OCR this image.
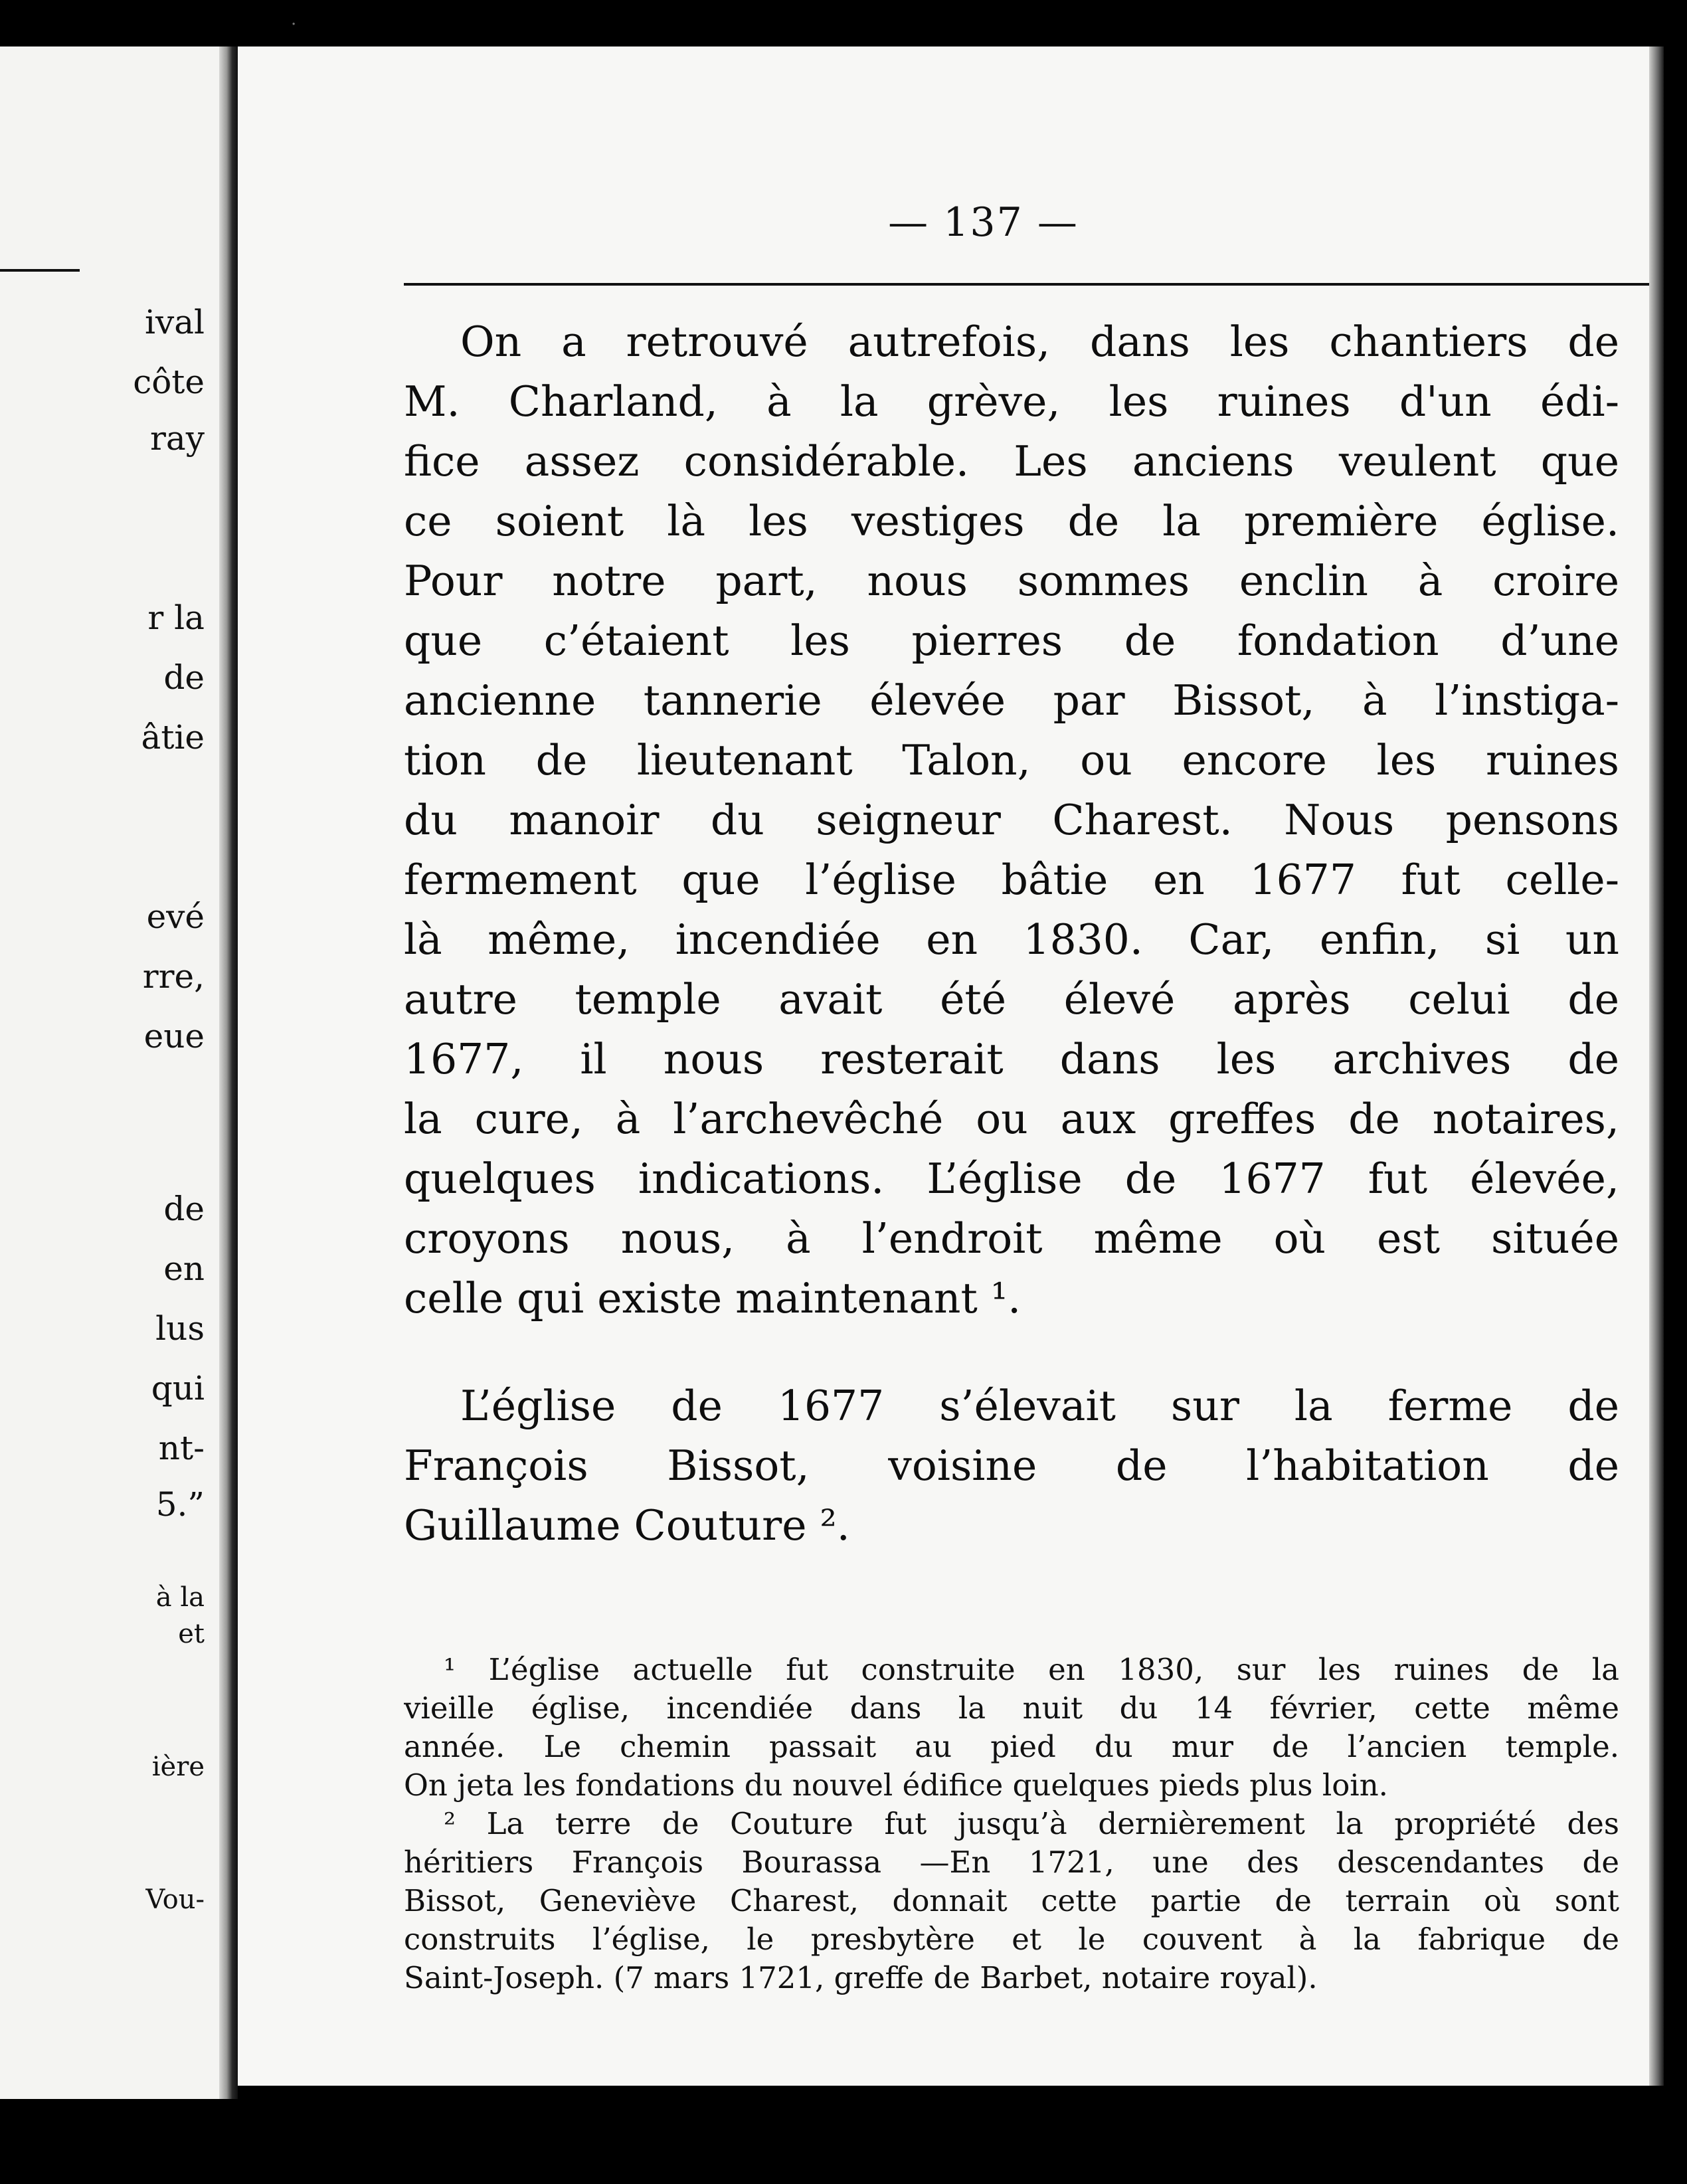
·
ival
côte
ray
r la
de
âtie
evé
rre,
eue
de
en
lus
qui
nt-
5.”
à la
et
ière
Vou-
— 137 —
On a retrouvé autrefois, dans les chantiers de
M. Charland, à la grève, les ruines d'un édi-
fice assez considérable. Les anciens veulent que
ce soient là les vestiges de la première église.
Pour notre part, nous sommes enclin à croire
que c’étaient les pierres de fondation d’une
ancienne tannerie élevée par Bissot, à l’instiga-
tion de lieutenant Talon, ou encore les ruines
du manoir du seigneur Charest. Nous pensons
fermement que l’église bâtie en 1677 fut celle-
là même, incendiée en 1830. Car, enfin, si un
autre temple avait été élevé après celui de
1677, il nous resterait dans les archives de
la cure, à l’archevêché ou aux greffes de notaires,
quelques indications. L’église de 1677 fut élevée,
croyons nous, à l’endroit même où est située
celle qui existe maintenant ¹.
L’église de 1677 s’élevait sur la ferme de
François Bissot, voisine de l’habitation de
Guillaume Couture ².
¹ L’église actuelle fut construite en 1830, sur les ruines de la
vieille église, incendiée dans la nuit du 14 février, cette même
année. Le chemin passait au pied du mur de l’ancien temple.
On jeta les fondations du nouvel édifice quelques pieds plus loin.
² La terre de Couture fut jusqu’à dernièrement la propriété des
héritiers François Bourassa —En 1721, une des descendantes de
Bissot, Geneviève Charest, donnait cette partie de terrain où sont
construits l’église, le presbytère et le couvent à la fabrique de
Saint-Joseph. (7 mars 1721, greffe de Barbet, notaire royal).
